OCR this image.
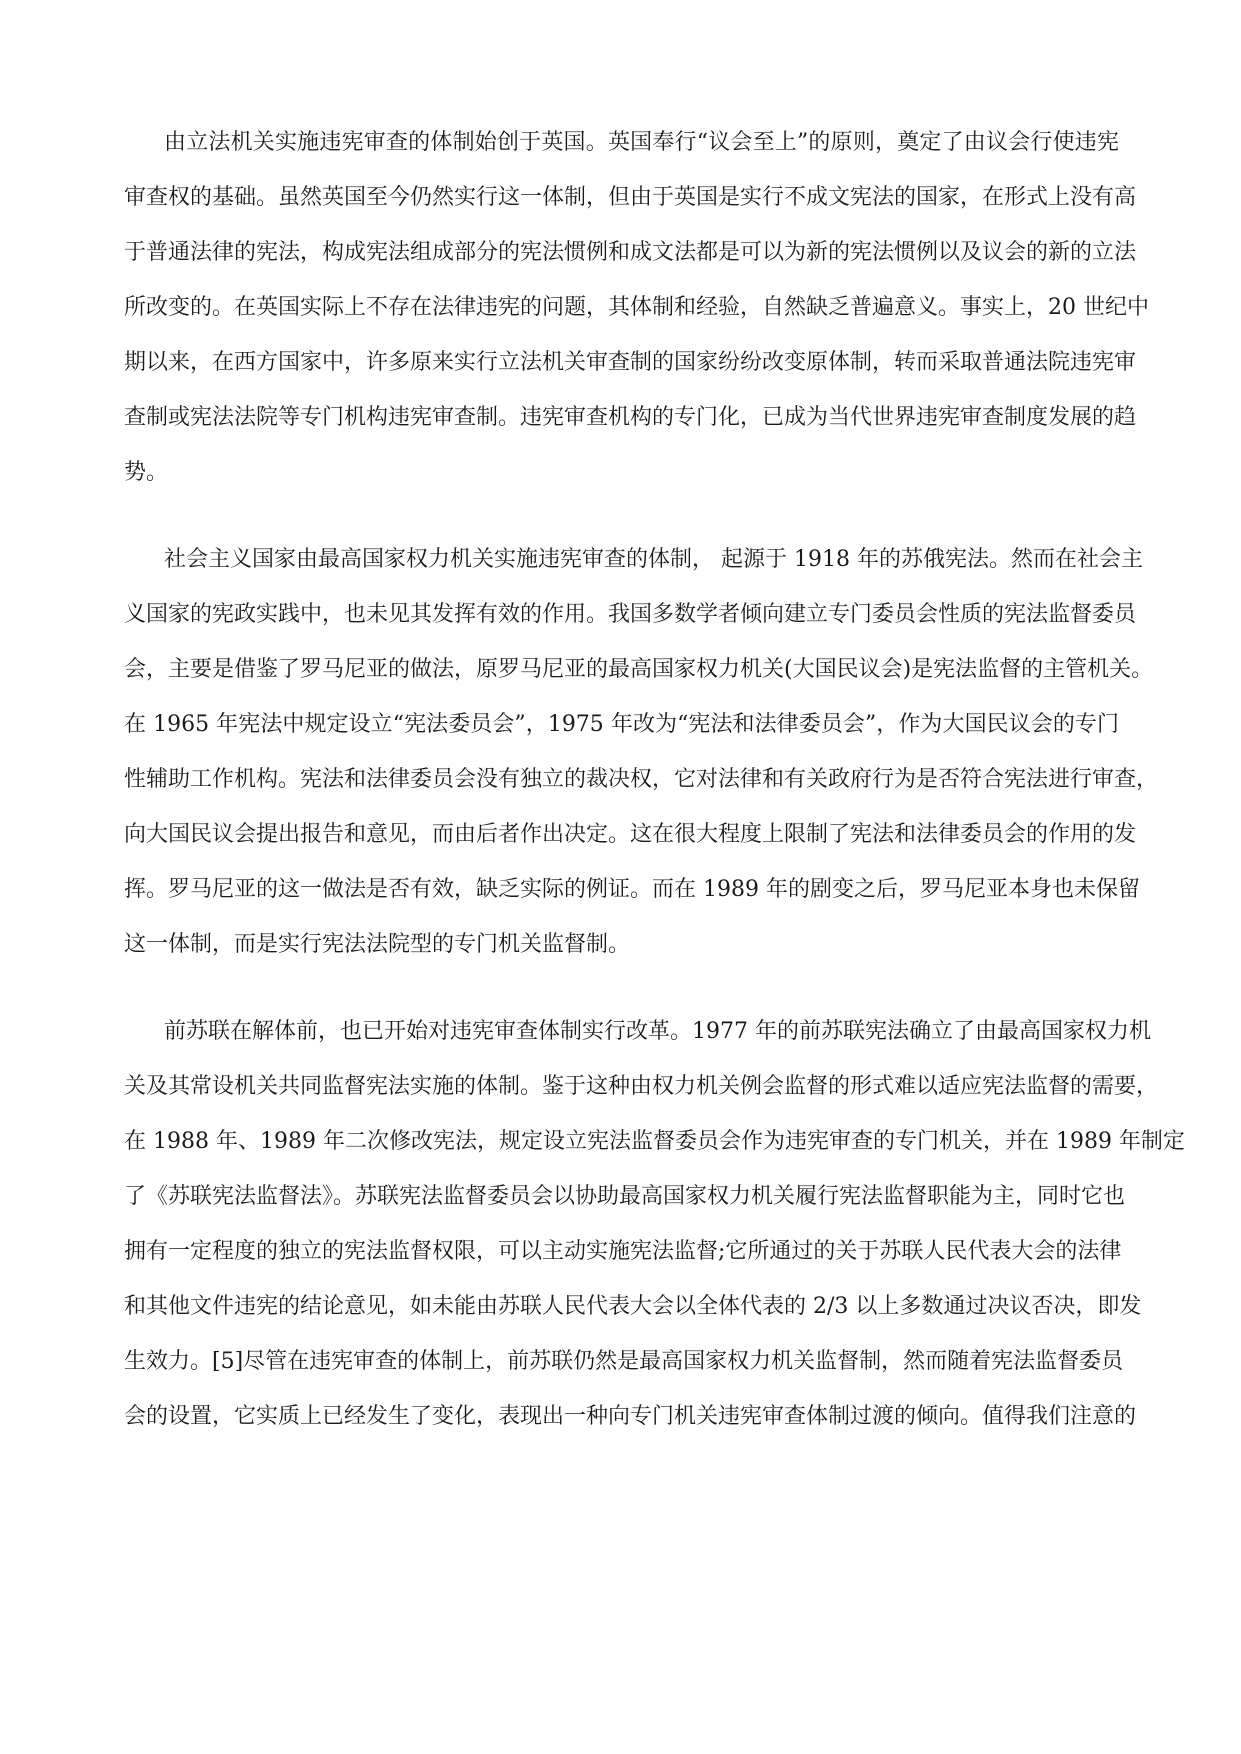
由立法机关实施违宪审查的体制始创于英国。英国奉行“议会至上”的原则，奠定了由议会行使违宪

审查权的基础。虽然英国至今仍然实行这一体制，但由于英国是实行不成文宪法的国家，在形式上没有高

于普通法律的宪法，构成宪法组成部分的宪法惯例和成文法都是可以为新的宪法惯例以及议会的新的立法

所改变的。在英国实际上不存在法律违宪的问题，其体制和经验，自然缺乏普遍意义。事实上，20 世纪中

期以来，在西方国家中，许多原来实行立法机关审查制的国家纷纷改变原体制，转而采取普通法院违宪审

查制或宪法法院等专门机构违宪审查制。违宪审查机构的专门化，已成为当代世界违宪审查制度发展的趋

势。

社会主义国家由最高国家权力机关实施违宪审查的体制， 起源于 1918 年的苏俄宪法。然而在社会主

义国家的宪政实践中，也未见其发挥有效的作用。我国多数学者倾向建立专门委员会性质的宪法监督委员

会，主要是借鉴了罗马尼亚的做法，原罗马尼亚的最高国家权力机关(大国民议会)是宪法监督的主管机关。

在 1965 年宪法中规定设立“宪法委员会”，1975 年改为“宪法和法律委员会”，作为大国民议会的专门

性辅助工作机构。宪法和法律委员会没有独立的裁决权，它对法律和有关政府行为是否符合宪法进行审查，

向大国民议会提出报告和意见，而由后者作出决定。这在很大程度上限制了宪法和法律委员会的作用的发

挥。罗马尼亚的这一做法是否有效，缺乏实际的例证。而在 1989 年的剧变之后，罗马尼亚本身也未保留

这一体制，而是实行宪法法院型的专门机关监督制。

前苏联在解体前，也已开始对违宪审查体制实行改革。1977 年的前苏联宪法确立了由最高国家权力机

关及其常设机关共同监督宪法实施的体制。鉴于这种由权力机关例会监督的形式难以适应宪法监督的需要，

在 1988 年、1989 年二次修改宪法，规定设立宪法监督委员会作为违宪审查的专门机关，并在 1989 年制定

了《苏联宪法监督法》。苏联宪法监督委员会以协助最高国家权力机关履行宪法监督职能为主，同时它也

拥有一定程度的独立的宪法监督权限，可以主动实施宪法监督;它所通过的关于苏联人民代表大会的法律

和其他文件违宪的结论意见，如未能由苏联人民代表大会以全体代表的 2/3 以上多数通过决议否决，即发

生效力。[5]尽管在违宪审查的体制上，前苏联仍然是最高国家权力机关监督制，然而随着宪法监督委员

会的设置，它实质上已经发生了变化，表现出一种向专门机关违宪审查体制过渡的倾向。值得我们注意的
